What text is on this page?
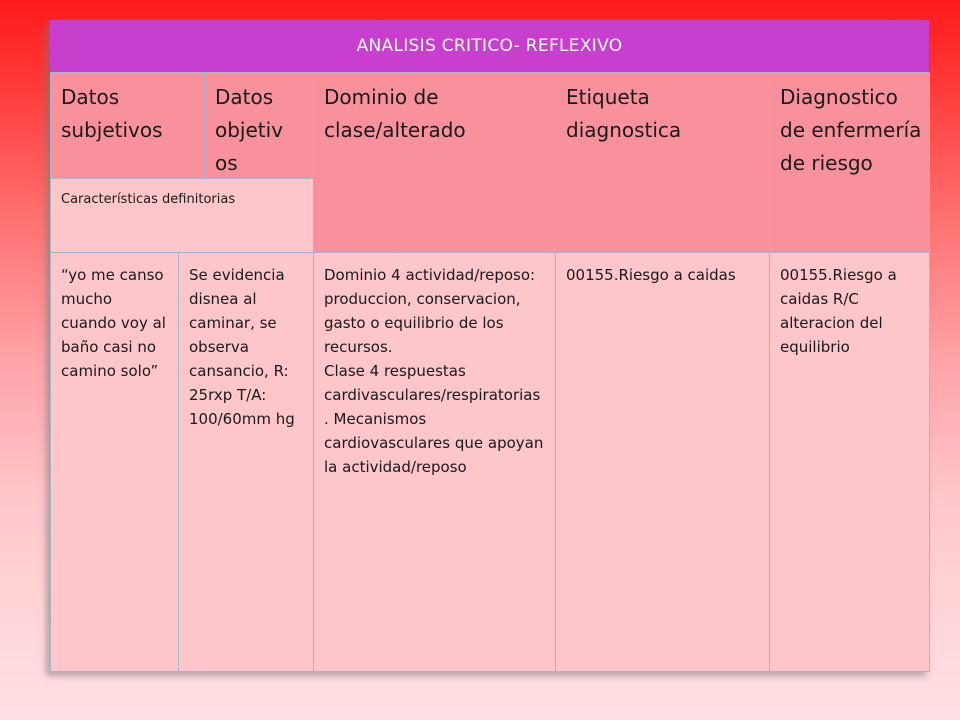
ANALISIS CRITICO- REFLEXIVO
Datos subjetivos
Datos objetiv os
Dominio de clase/alterado
Etiqueta diagnostica
Diagnostico de enfermería de riesgo
Características definitorias
“yo me canso mucho cuando voy al baño casi no camino solo”
Se evidencia disnea al caminar, se observa cansancio, R: 25rxp T/A: 100/60mm hg
Dominio 4 actividad/reposo: produccion, conservacion, gasto o equilibrio de los recursos.
Clase 4 respuestas cardivasculares/respiratorias. Mecanismos cardiovasculares que apoyan la actividad/reposo
00155.Riesgo a caidas	00155.Riesgo a caidas R/C alteracion del equilibrio
